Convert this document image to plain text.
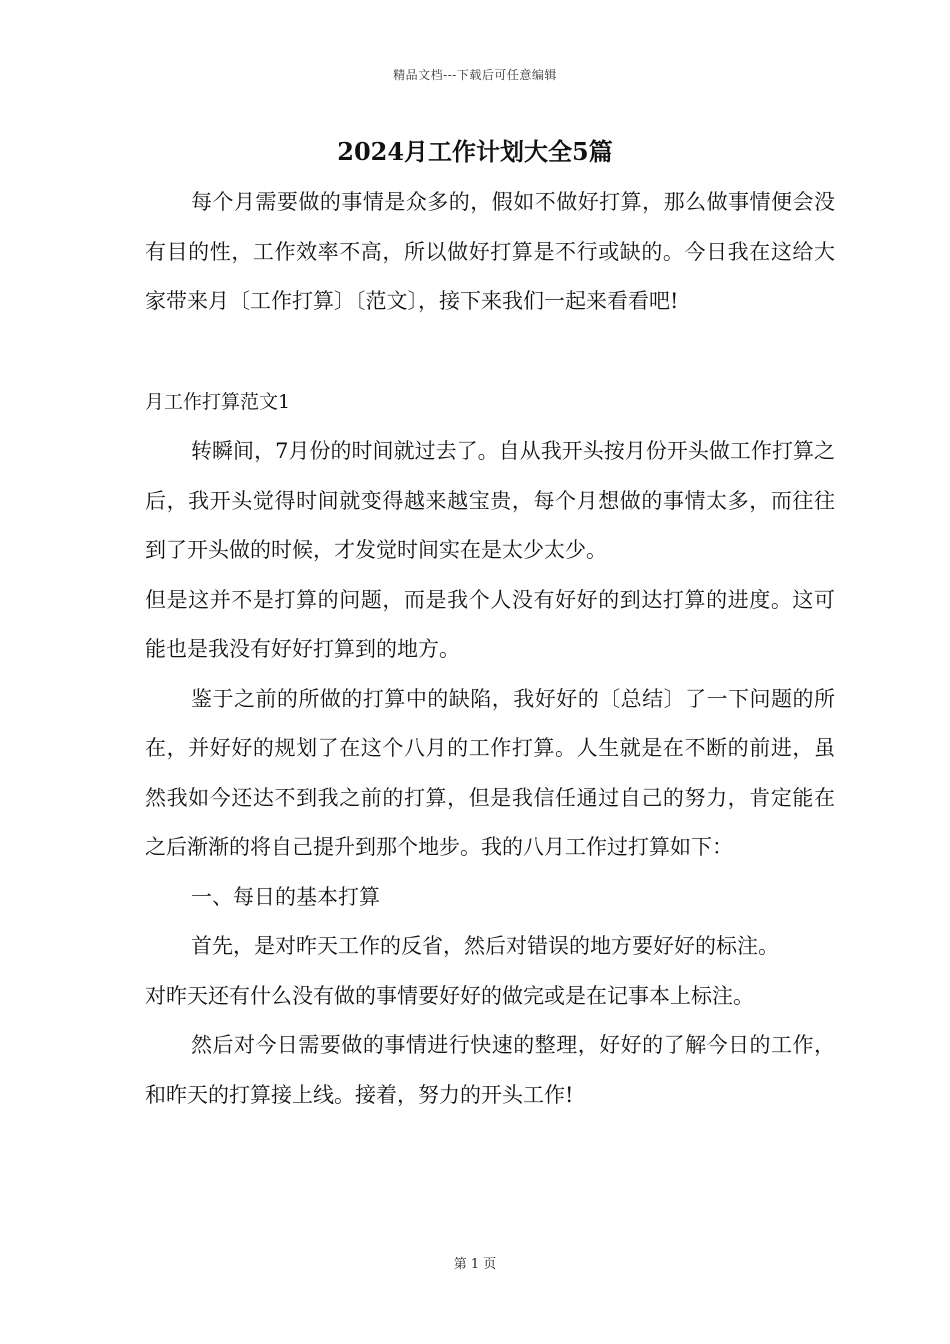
精品文档---下载后可任意编辑
2024月工作计划大全5篇

每个月需要做的事情是众多的，假如不做好打算，那么做事情便会没有目的性，工作效率不高，所以做好打算是不行或缺的。今日我在这给大家带来月〔工作打算〕〔范文〕，接下来我们一起来看看吧!

月工作打算范文1

转瞬间，7月份的时间就过去了。自从我开头按月份开头做工作打算之后，我开头觉得时间就变得越来越宝贵，每个月想做的事情太多，而往往到了开头做的时候，才发觉时间实在是太少太少。

但是这并不是打算的问题，而是我个人没有好好的到达打算的进度。这可能也是我没有好好打算到的地方。

鉴于之前的所做的打算中的缺陷，我好好的〔总结〕了一下问题的所在，并好好的规划了在这个八月的工作打算。人生就是在不断的前进，虽然我如今还达不到我之前的打算，但是我信任通过自己的努力，肯定能在之后渐渐的将自己提升到那个地步。我的八月工作过打算如下：

一、每日的基本打算

首先，是对昨天工作的反省，然后对错误的地方要好好的标注。

对昨天还有什么没有做的事情要好好的做完或是在记事本上标注。

然后对今日需要做的事情进行快速的整理，好好的了解今日的工作，和昨天的打算接上线。接着，努力的开头工作!

第 1 页
